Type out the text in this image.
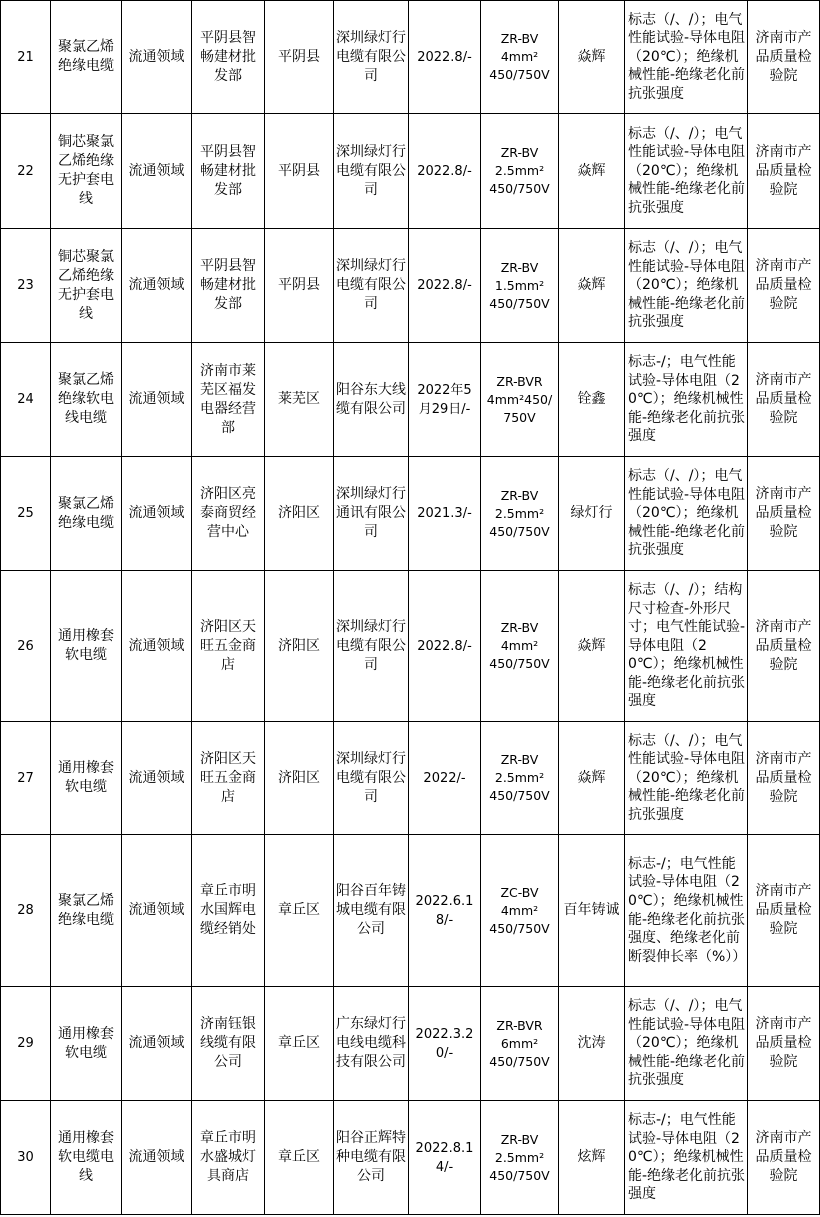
21	聚氯乙烯绝缘电缆	流通领域	平阴县智畅建材批发部	平阴县	深圳绿灯行电缆有限公司	2022.8/-	ZR-BV
4mm²
450/750V	焱辉	标志（/、/）；电气性能试验-导体电阻（20℃）；绝缘机械性能-绝缘老化前抗张强度	济南市产品质量检验院
22	铜芯聚氯乙烯绝缘无护套电线	流通领域	平阴县智畅建材批发部	平阴县	深圳绿灯行电缆有限公司	2022.8/-	ZR-BV
2.5mm²
450/750V	焱辉	标志（/、/）；电气性能试验-导体电阻（20℃）；绝缘机械性能-绝缘老化前抗张强度	济南市产品质量检验院
23	铜芯聚氯乙烯绝缘无护套电线	流通领域	平阴县智畅建材批发部	平阴县	深圳绿灯行电缆有限公司	2022.8/-	ZR-BV
1.5mm²
450/750V	焱辉	标志（/、/）；电气性能试验-导体电阻（20℃）；绝缘机械性能-绝缘老化前抗张强度	济南市产品质量检验院
24	聚氯乙烯绝缘软电线电缆	流通领域	济南市莱芜区福发电器经营部	莱芜区	阳谷东大线缆有限公司	2022年5月29日/-	ZR-BVR
4mm²450/
750V	铨鑫	标志-/；电气性能试验-导体电阻（20℃）；绝缘机械性能-绝缘老化前抗张强度	济南市产品质量检验院
25	聚氯乙烯绝缘电缆	流通领域	济阳区亮泰商贸经营中心	济阳区	深圳绿灯行通讯有限公司	2021.3/-	ZR-BV
2.5mm²
450/750V	绿灯行	标志（/、/）；电气性能试验-导体电阻（20℃）；绝缘机械性能-绝缘老化前抗张强度	济南市产品质量检验院
26	通用橡套软电缆	流通领域	济阳区天旺五金商店	济阳区	深圳绿灯行电缆有限公司	2022.8/-	ZR-BV
4mm²
450/750V	焱辉	标志（/、/）；结构尺寸检查-外形尺寸；电气性能试验-导体电阻（20℃）；绝缘机械性能-绝缘老化前抗张强度	济南市产品质量检验院
27	通用橡套软电缆	流通领域	济阳区天旺五金商店	济阳区	深圳绿灯行电缆有限公司	2022/-	ZR-BV
2.5mm²
450/750V	焱辉	标志（/、/）；电气性能试验-导体电阻（20℃）；绝缘机械性能-绝缘老化前抗张强度	济南市产品质量检验院
28	聚氯乙烯绝缘电缆	流通领域	章丘市明水国辉电缆经销处	章丘区	阳谷百年铸城电缆有限公司	2022.6.18/-	ZC-BV
4mm²
450/750V	百年铸诚	标志-/；电气性能试验-导体电阻（20℃）；绝缘机械性能-绝缘老化前抗张强度、绝缘老化前断裂伸长率（%））	济南市产品质量检验院
29	通用橡套软电缆	流通领域	济南钰银线缆有限公司	章丘区	广东绿灯行电线电缆科技有限公司	2022.3.20/-	ZR-BVR
6mm²
450/750V	沈涛	标志（/、/）；电气性能试验-导体电阻（20℃）；绝缘机械性能-绝缘老化前抗张强度	济南市产品质量检验院
30	通用橡套软电缆电线	流通领域	章丘市明水盛城灯具商店	章丘区	阳谷正辉特种电缆有限公司	2022.8.14/-	ZR-BV
2.5mm²
450/750V	炫辉	标志-/；电气性能试验-导体电阻（20℃）；绝缘机械性能-绝缘老化前抗张强度	济南市产品质量检验院
